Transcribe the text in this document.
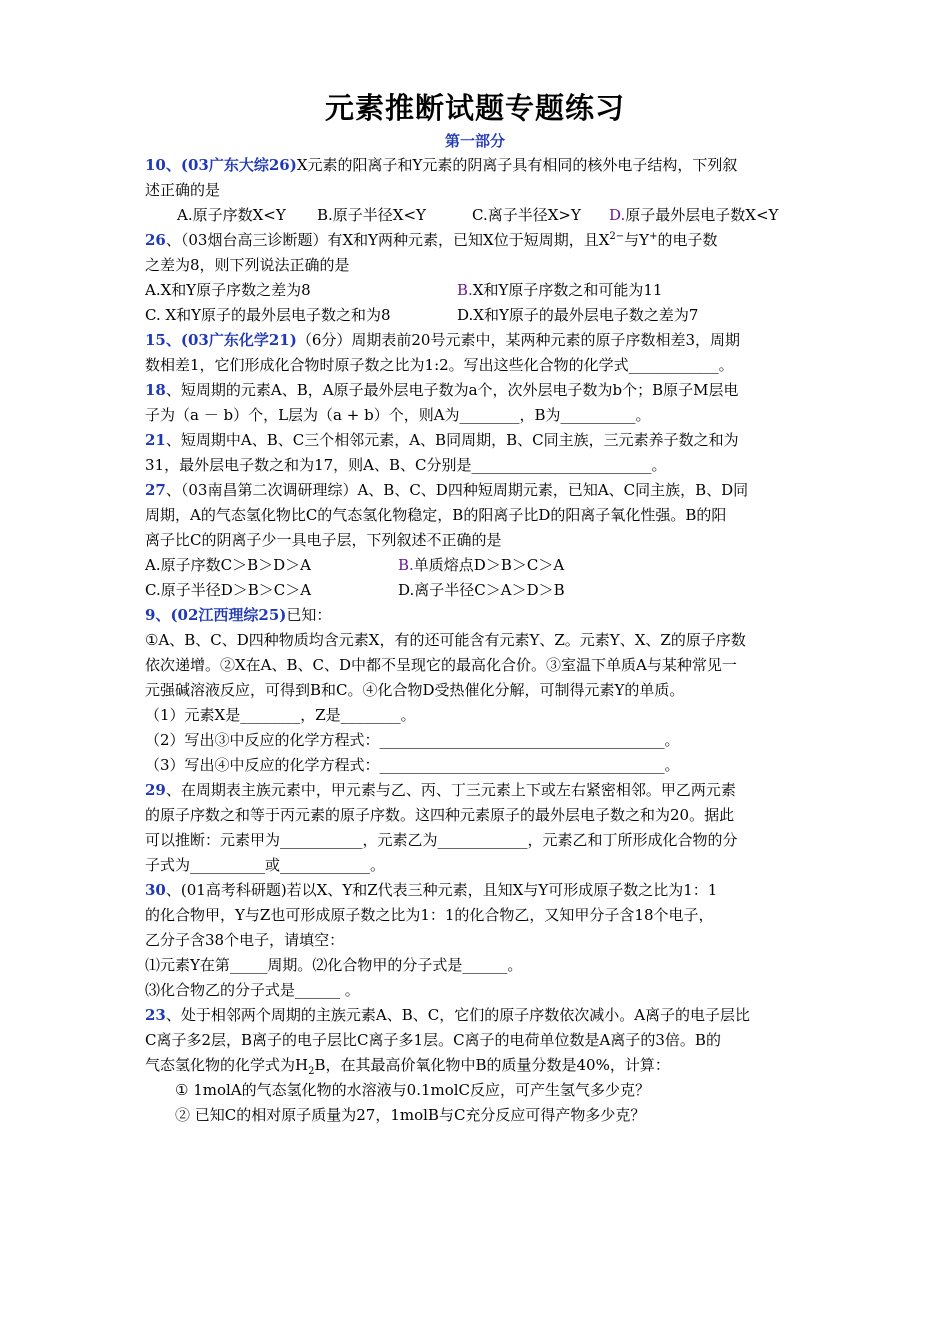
元素推断试题专题练习
第一部分
10、(03广东大综26)X元素的阳离子和Y元素的阴离子具有相同的核外电子结构，下列叙
述正确的是
A.原子序数X<Y B.原子半径X<Y	C.离子半径X>Y D.原子最外层电子数X<Y
26、（03烟台高三诊断题）有X和Y两种元素，已知X位于短周期，且$X^{2-}$与Y+的电子数
之差为8，则下列说法正确的是
A.X和Y原子序数之差为8	B.X和Y原子序数之和可能为11
C. X和Y原子的最外层电子数之和为8	D.X和Y原子的最外层电子数之差为7
15、(03广东化学21)（6分）周期表前20号元素中，某两种元素的原子序数相差3，周期
数相差1，它们形成化合物时原子数之比为1:2。写出这些化合物的化学式____________。
18、短周期的元素A、B，A原子最外层电子数为a个，次外层电子数为b个；B原子M层电
子为（a － b）个，L层为（a + b）个，则A为________，B为__________。
21、短周期中A、B、C三个相邻元素，A、B同周期，B、C同主族，三元素养子数之和为
31，最外层电子数之和为17，则A、B、C分别是________________________。
27、（03南昌第二次调研理综）A、B、C、D四种短周期元素，已知A、C同主族，B、D同
周期，A的气态氢化物比C的气态氢化物稳定，B的阳离子比D的阳离子氧化性强。B的阳
离子比C的阴离子少一具电子层，下列叙述不正确的是
A.原子序数C＞B＞D＞A	B.单质熔点D＞B＞C＞A
C.原子半径D＞B＞C＞A	D.离子半径C＞A＞D＞B
9、(02江西理综25)已知：
①A、B、C、D四种物质均含元素X，有的还可能含有元素Y、Z。元素Y、X、Z的原子序数
依次递增。②X在A、B、C、D中都不呈现它的最高化合价。③室温下单质A与某种常见一
元强碱溶液反应，可得到B和C。④化合物D受热催化分解，可制得元素Y的单质。
（1）元素X是________，Z是________。
（2）写出③中反应的化学方程式：______________________________________。
（3）写出④中反应的化学方程式：______________________________________。
29、在周期表主族元素中，甲元素与乙、丙、丁三元素上下或左右紧密相邻。甲乙两元素
的原子序数之和等于丙元素的原子序数。这四种元素原子的最外层电子数之和为20。据此
可以推断：元素甲为___________，元素乙为____________，元素乙和丁所形成化合物的分
子式为__________或____________。
30、(01高考科研题)若以X、Y和Z代表三种元素，且知X与Y可形成原子数之比为1：1
的化合物甲，Y与Z也可形成原子数之比为1：1的化合物乙，又知甲分子含18个电子，
乙分子含38个电子，请填空：
⑴元素Y在第_____周期。⑵化合物甲的分子式是______。
⑶化合物乙的分子式是______ 。
23、处于相邻两个周期的主族元素A、B、C，它们的原子序数依次减小。A离子的电子层比
C离子多2层，B离子的电子层比C离子多1层。C离子的电荷单位数是A离子的3倍。B的
气态氢化物的化学式为$H_2B$，在其最高价氧化物中B的质量分数是40%，计算：
① 1molA的气态氢化物的水溶液与0.1molC反应，可产生氢气多少克？
② 已知C的相对原子质量为27，1molB与C充分反应可得产物多少克？
